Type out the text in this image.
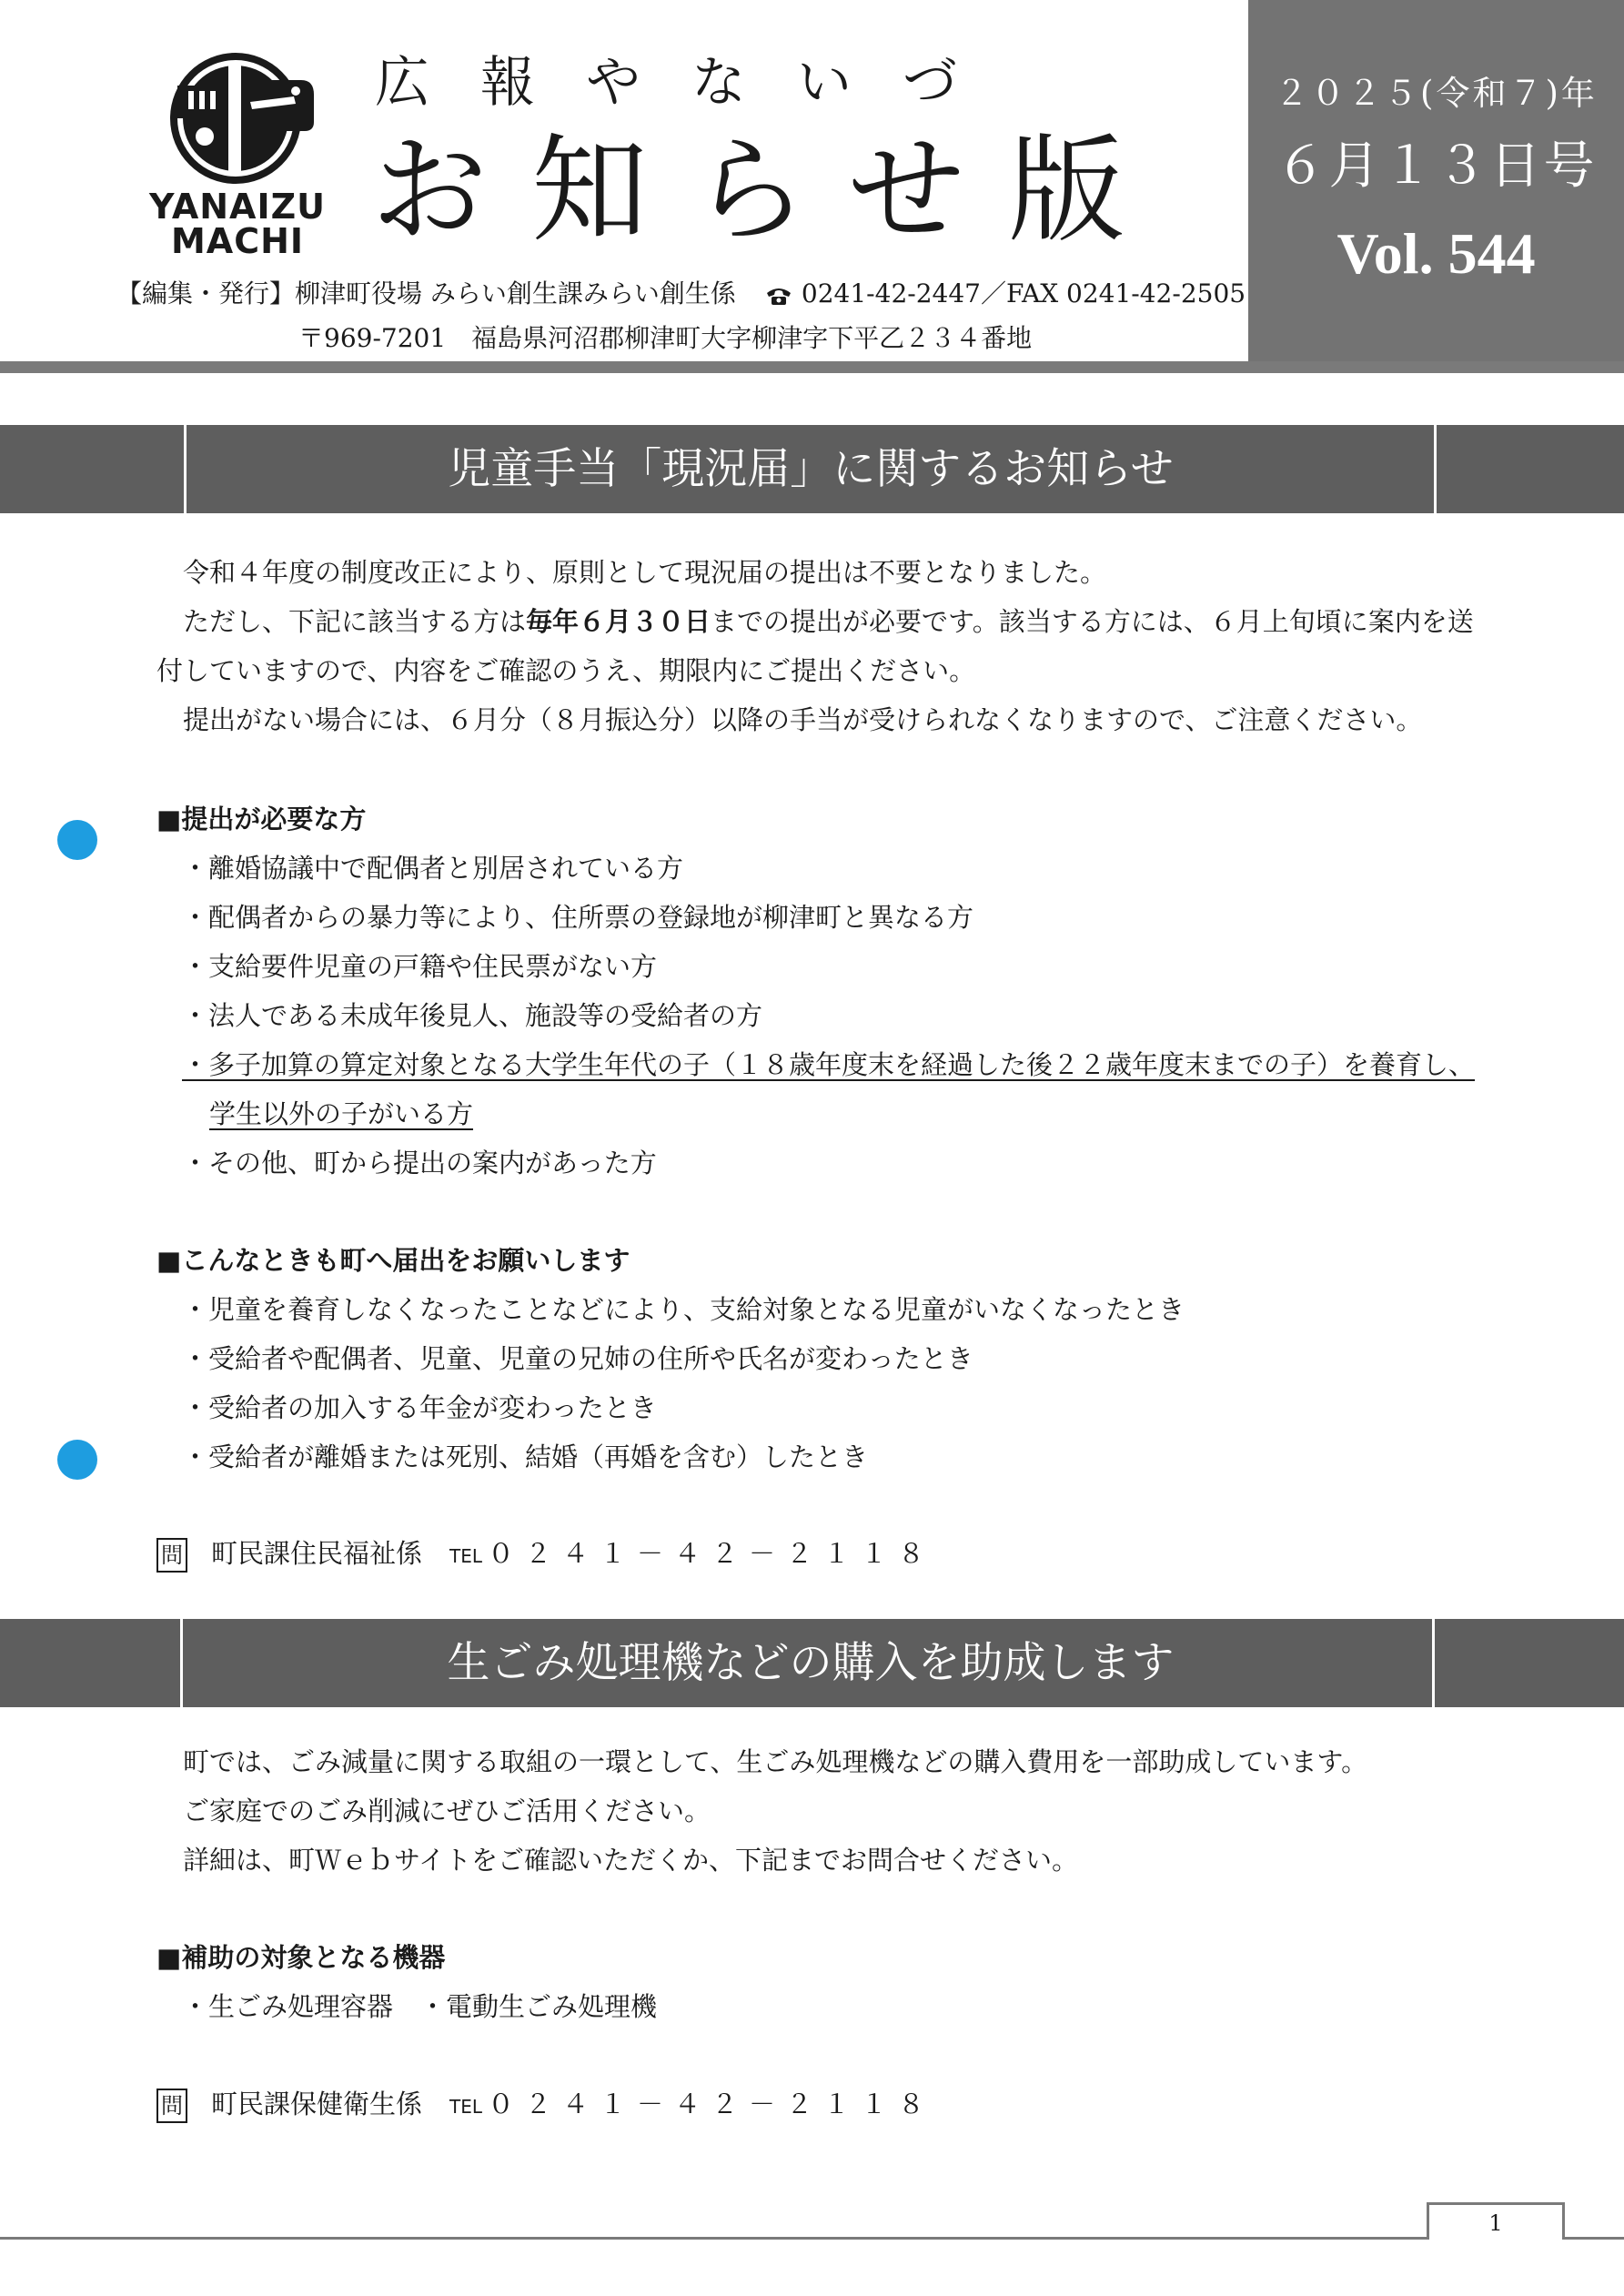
YANAIZU
MACHI
広報やないづ
お知らせ版
【編集・発行】柳津町役場 みらい創生課みらい創生係	0241-42-2447／FAX 0241-42-2505
〒969-7201　福島県河沼郡柳津町大字柳津字下平乙２３４番地
２０２５(令和７)年
６月１３日号
Vol. 544
児童手当「現況届」に関するお知らせ
令和４年度の制度改正により、原則として現況届の提出は不要となりました。
ただし、下記に該当する方は毎年６月３０日までの提出が必要です。該当する方には、６月上旬頃に案内を送
付していますので、内容をご確認のうえ、期限内にご提出ください。
提出がない場合には、６月分（８月振込分）以降の手当が受けられなくなりますので、ご注意ください。
■提出が必要な方
・離婚協議中で配偶者と別居されている方
・配偶者からの暴力等により、住所票の登録地が柳津町と異なる方
・支給要件児童の戸籍や住民票がない方
・法人である未成年後見人、施設等の受給者の方
・多子加算の算定対象となる大学生年代の子（１８歳年度末を経過した後２２歳年度末までの子）を養育し、
学生以外の子がいる方
・その他、町から提出の案内があった方
■こんなときも町へ届出をお願いします
・児童を養育しなくなったことなどにより、支給対象となる児童がいなくなったとき
・受給者や配偶者、児童、児童の兄姉の住所や氏名が変わったとき
・受給者の加入する年金が変わったとき
・受給者が離婚または死別、結婚（再婚を含む）したとき
問 町民課住民福祉係 TEL ０２４１－４２－２１１８
生ごみ処理機などの購入を助成します
町では、ごみ減量に関する取組の一環として、生ごみ処理機などの購入費用を一部助成しています。
ご家庭でのごみ削減にぜひご活用ください。
詳細は、町Ｗｅｂサイトをご確認いただくか、下記までお問合せください。
■補助の対象となる機器
・生ごみ処理容器　・電動生ごみ処理機
問 町民課保健衛生係 TEL ０２４１－４２－２１１８
1
